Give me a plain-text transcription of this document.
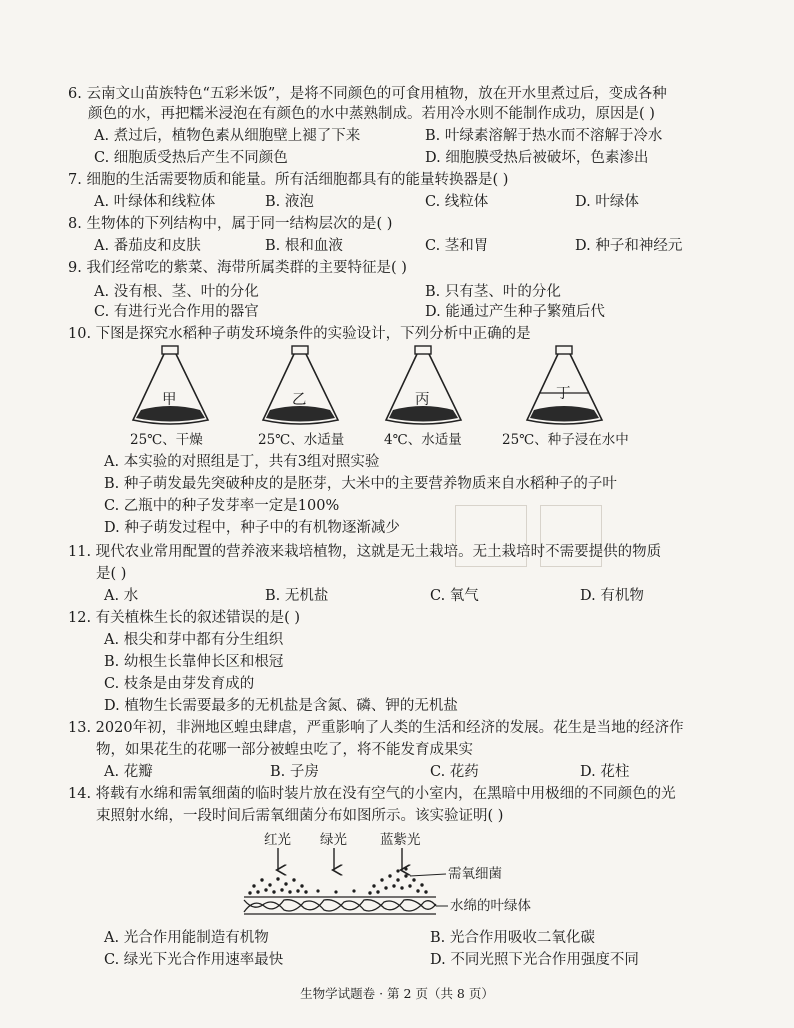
6. 云南文山苗族特色“五彩米饭”，是将不同颜色的可食用植物，放在开水里煮过后，变成各种
颜色的水，再把糯米浸泡在有颜色的水中蒸熟制成。若用冷水则不能制作成功，原因是( )
A. 煮过后，植物色素从细胞壁上褪了下来	B. 叶绿素溶解于热水而不溶解于冷水
C. 细胞质受热后产生不同颜色	D. 细胞膜受热后被破坏，色素渗出
7. 细胞的生活需要物质和能量。所有活细胞都具有的能量转换器是( )
A. 叶绿体和线粒体	B. 液泡	C. 线粒体	D. 叶绿体
8. 生物体的下列结构中，属于同一结构层次的是( )
A. 番茄皮和皮肤	B. 根和血液	C. 茎和胃	D. 种子和神经元
9. 我们经常吃的紫菜、海带所属类群的主要特征是( )
A. 没有根、茎、叶的分化	B. 只有茎、叶的分化
C. 有进行光合作用的器官	D. 能通过产生种子繁殖后代
10. 下图是探究水稻种子萌发环境条件的实验设计，下列分析中正确的是
甲	乙	丙	丁
25℃、干燥	25℃、水适量	4℃、水适量	25℃、种子浸在水中
A. 本实验的对照组是丁，共有3组对照实验
B. 种子萌发最先突破种皮的是胚芽，大米中的主要营养物质来自水稻种子的子叶
C. 乙瓶中的种子发芽率一定是100%
D. 种子萌发过程中，种子中的有机物逐渐减少
11. 现代农业常用配置的营养液来栽培植物，这就是无土栽培。无土栽培时不需要提供的物质
是( )
A. 水	B. 无机盐	C. 氧气	D. 有机物
12. 有关植株生长的叙述错误的是( )
A. 根尖和芽中都有分生组织
B. 幼根生长靠伸长区和根冠
C. 枝条是由芽发育成的
D. 植物生长需要最多的无机盐是含氮、磷、钾的无机盐
13. 2020年初，非洲地区蝗虫肆虐，严重影响了人类的生活和经济的发展。花生是当地的经济作
物，如果花生的花哪一部分被蝗虫吃了，将不能发育成果实
A. 花瓣	B. 子房	C. 花药	D. 花柱
14. 将载有水绵和需氧细菌的临时装片放在没有空气的小室内，在黑暗中用极细的不同颜色的光
束照射水绵，一段时间后需氧细菌分布如图所示。该实验证明( )
红光 绿光 蓝紫光
需氧细菌
水绵的叶绿体
A. 光合作用能制造有机物	B. 光合作用吸收二氧化碳
C. 绿光下光合作用速率最快	D. 不同光照下光合作用强度不同
生物学试题卷 · 第 2 页（共 8 页）
